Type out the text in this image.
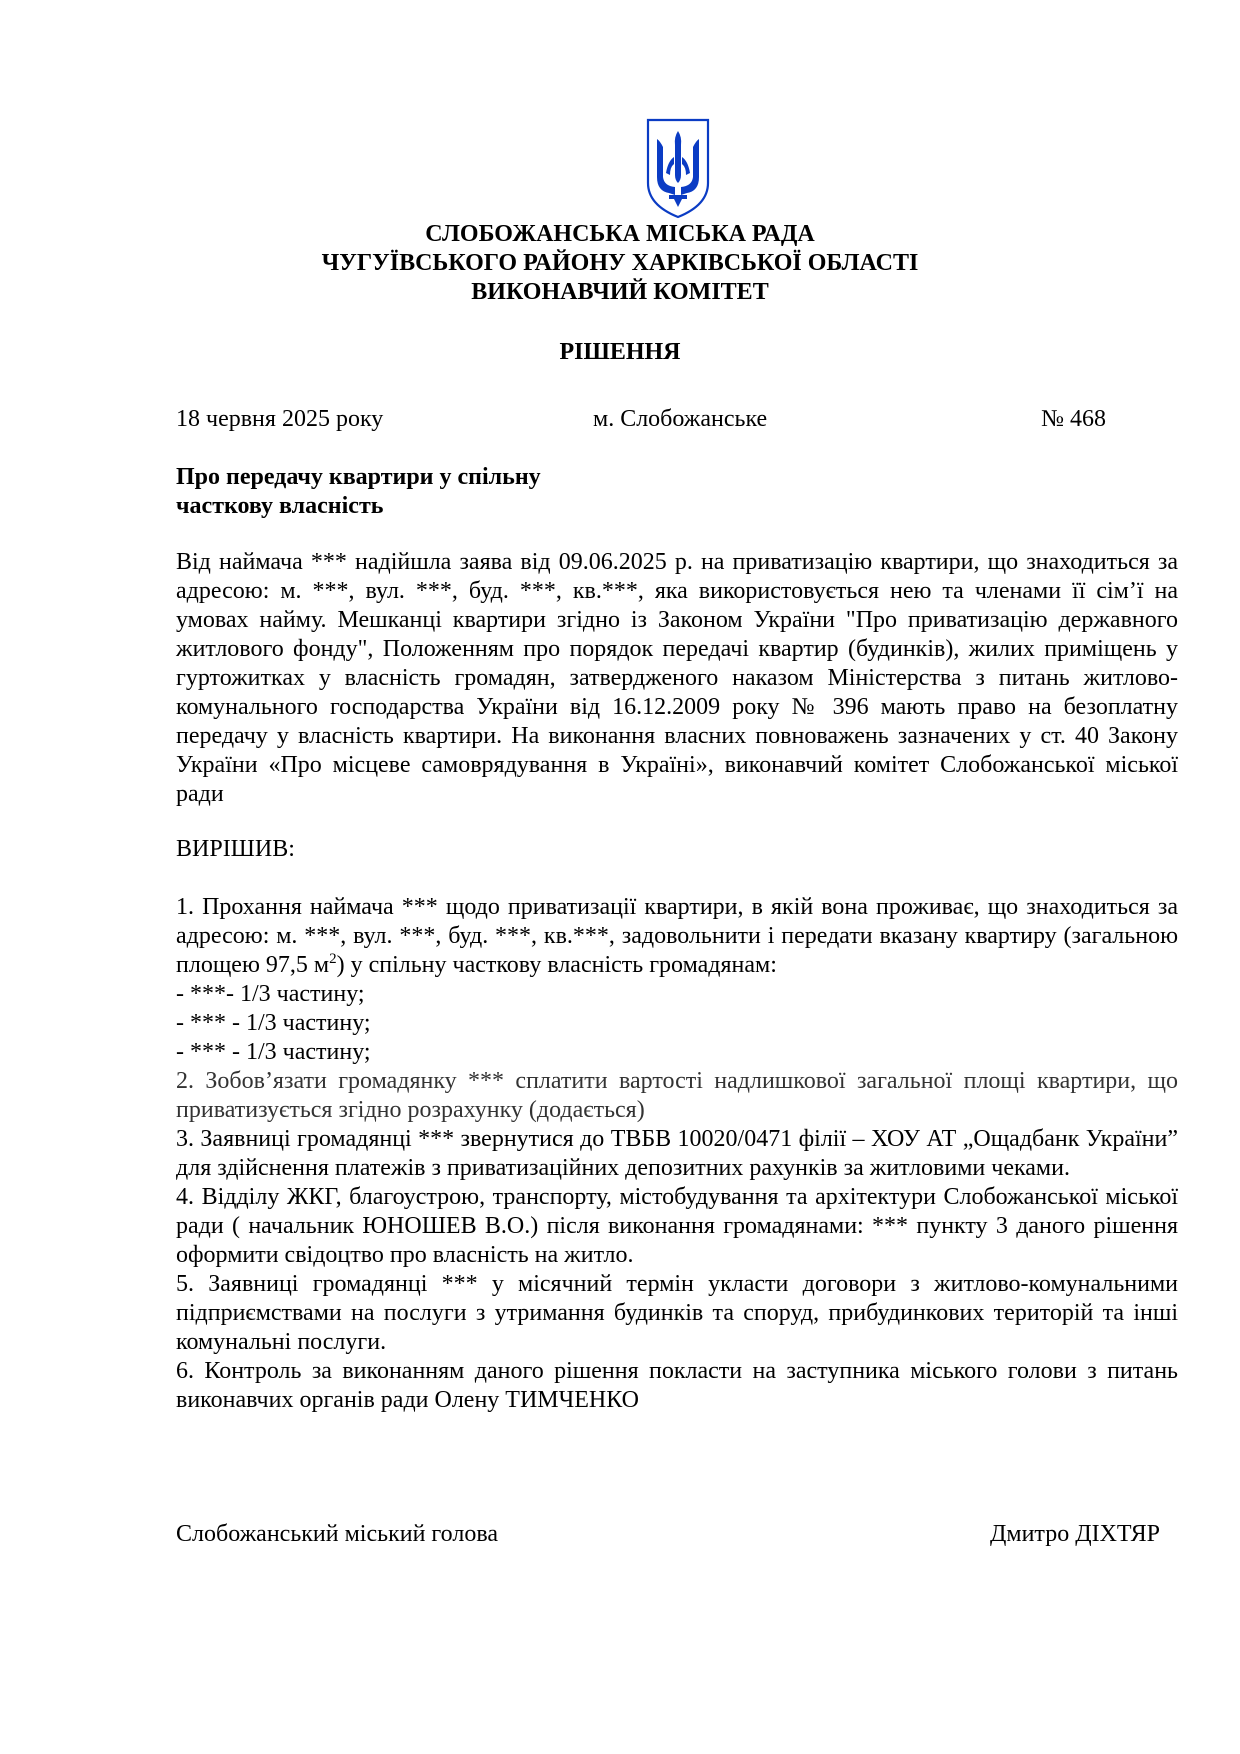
СЛОБОЖАНСЬКА МІСЬКА РАДА
ЧУГУЇВСЬКОГО РАЙОНУ ХАРКІВСЬКОЇ ОБЛАСТІ
ВИКОНАВЧИЙ КОМІТЕТ
РІШЕННЯ
18 червня 2025 року	м. Слобожанське	№ 468
Про передачу квартири у спільну
часткову власність
Від наймача *** надійшла заява від 09.06.2025 р. на приватизацію квартири, що знаходиться за адресою: м. ***, вул. ***, буд. ***, кв.***, яка використовується нею та членами її сім’ї на умовах найму. Мешканці квартири згідно із Законом України "Про приватизацію державного житлового фонду", Положенням про порядок передачі квартир (будинків), жилих приміщень у гуртожитках у власність громадян, затвердженого наказом Міністерства з питань житлово-комунального господарства України від 16.12.2009 року № 396 мають право на безоплатну передачу у власність квартири. На виконання власних повноважень зазначених у ст. 40 Закону України «Про місцеве самоврядування в Україні», виконавчий комітет Слобожанської міської ради
ВИРІШИВ:

1. Прохання наймача *** щодо приватизації квартири, в якій вона проживає, що знаходиться за адресою: м. ***, вул. ***, буд. ***, кв.***, задовольнити і передати вказану квартиру (загальною площею 97,5 $м^2$) у спільну часткову власність громадянам:

- ***- 1/3 частину;

- *** - 1/3 частину;

- *** - 1/3 частину;

2. Зобов’язати громадянку *** сплатити вартості надлишкової загальної площі квартири, що приватизується згідно розрахунку (додається)

3. Заявниці громадянці *** звернутися до ТВБВ 10020/0471 філії – ХОУ АТ „Ощадбанк України” для здійснення платежів з приватизаційних депозитних рахунків за житловими чеками.

4. Відділу ЖКГ, благоустрою, транспорту, містобудування та архітектури Слобожанської міської ради ( начальник ЮНОШЕВ В.О.) після виконання громадянами: *** пункту 3 даного рішення оформити свідоцтво про власність на житло.

5. Заявниці громадянці *** у місячний термін укласти договори з житлово-комунальними підприємствами на послуги з утримання будинків та споруд, прибудинкових територій та інші комунальні послуги.

6. Контроль за виконанням даного рішення покласти на заступника міського голови з питань виконавчих органів ради Олену ТИМЧЕНКО

Слобожанський міський голова	Дмитро ДІХТЯР
